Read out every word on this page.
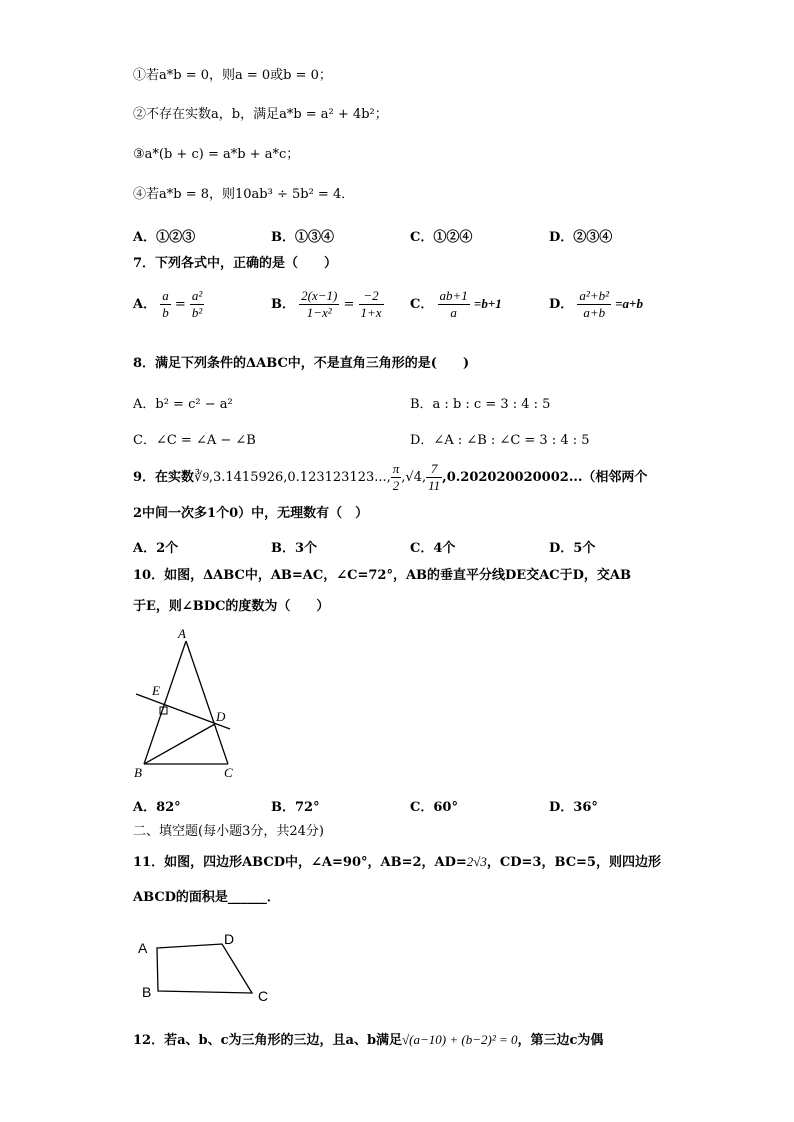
①若a*b = 0，则a = 0或b = 0；
②不存在实数a，b，满足a*b = a² + 4b²；
③a*(b + c) = a*b + a*c；
④若a*b = 8，则10ab³ ÷ 5b² = 4．
A．①②③	B．①③④	C．①②④	D．②③④
7．下列各式中，正确的是（　　）
A． $\frac{a}{b} = \frac{\text{a²}}{\text{b²}}$	B． $\frac{2(x-1)}{\text{1−x²}} = \frac{-2}{1+x}$ C． $\frac{ab+1}{a} =b+1$	D． $\frac{\text{a²+b²}}{a+b} =a+b$
8．满足下列条件的ΔABC中，不是直角三角形的是(　　)
A．b² = c² − a²	B．a : b : c = 3 : 4 : 5
C．∠C = ∠A − ∠B	D．∠A : ∠B : ∠C = 3 : 4 : 5
9．在实数∛9,3.1415926,0.123123123..., $\frac{\pi}{2} ,√4$, $\frac{7}{11} ,0.202020020002$...（相邻两个
2中间一次多1个0）中，无理数有（　）
A．2个	B．3个	C．4个	D．5个
10．如图，ΔABC中，AB=AC，∠C=72°，AB的垂直平分线DE交AC于D，交AB
于E，则∠BDC的度数为（　　）
A
E
D
B	C
A．82°	B．72°	C．60°	D．36°
二、填空题(每小题3分，共24分)
11．如图，四边形ABCD中，∠A=90°，AB=2，AD=2√3，CD=3，BC=5，则四边形
ABCD的面积是______．
A
D
B	C
12．若a、b、c为三角形的三边，且a、b满足√(a−10) + (b−2)² = 0，第三边c为偶
